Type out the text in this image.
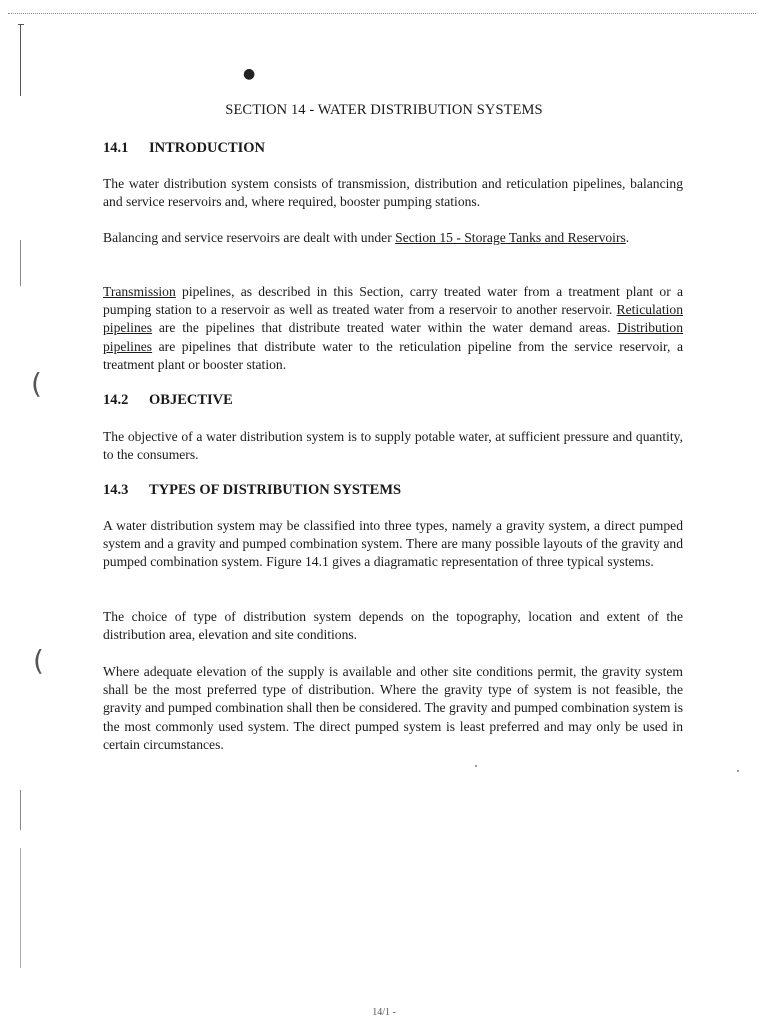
(
(
●
SECTION 14 - WATER DISTRIBUTION SYSTEMS
14.1 INTRODUCTION
The water distribution system consists of transmission, distribution and reticulation pipelines, balancing and service reservoirs and, where required, booster pumping stations.
Balancing and service reservoirs are dealt with under Section 15 - Storage Tanks and Reservoirs.
Transmission pipelines, as described in this Section, carry treated water from a treatment plant or a pumping station to a reservoir as well as treated water from a reservoir to another reservoir. Reticulation pipelines are the pipelines that distribute treated water within the water demand areas. Distribution pipelines are pipelines that distribute water to the reticulation pipeline from the service reservoir, a treatment plant or booster station.
14.2 OBJECTIVE
The objective of a water distribution system is to supply potable water, at sufficient pressure and quantity, to the consumers.
14.3 TYPES OF DISTRIBUTION SYSTEMS
A water distribution system may be classified into three types, namely a gravity system, a direct pumped system and a gravity and pumped combination system. There are many possible layouts of the gravity and pumped combination system. Figure 14.1 gives a diagramatic representation of three typical systems.
The choice of type of distribution system depends on the topography, location and extent of the distribution area, elevation and site conditions.
Where adequate elevation of the supply is available and other site conditions permit, the gravity system shall be the most preferred type of distribution. Where the gravity type of system is not feasible, the gravity and pumped combination shall then be considered. The gravity and pumped combination system is the most commonly used system. The direct pumped system is least preferred and may only be used in certain circumstances.
14/1 -
